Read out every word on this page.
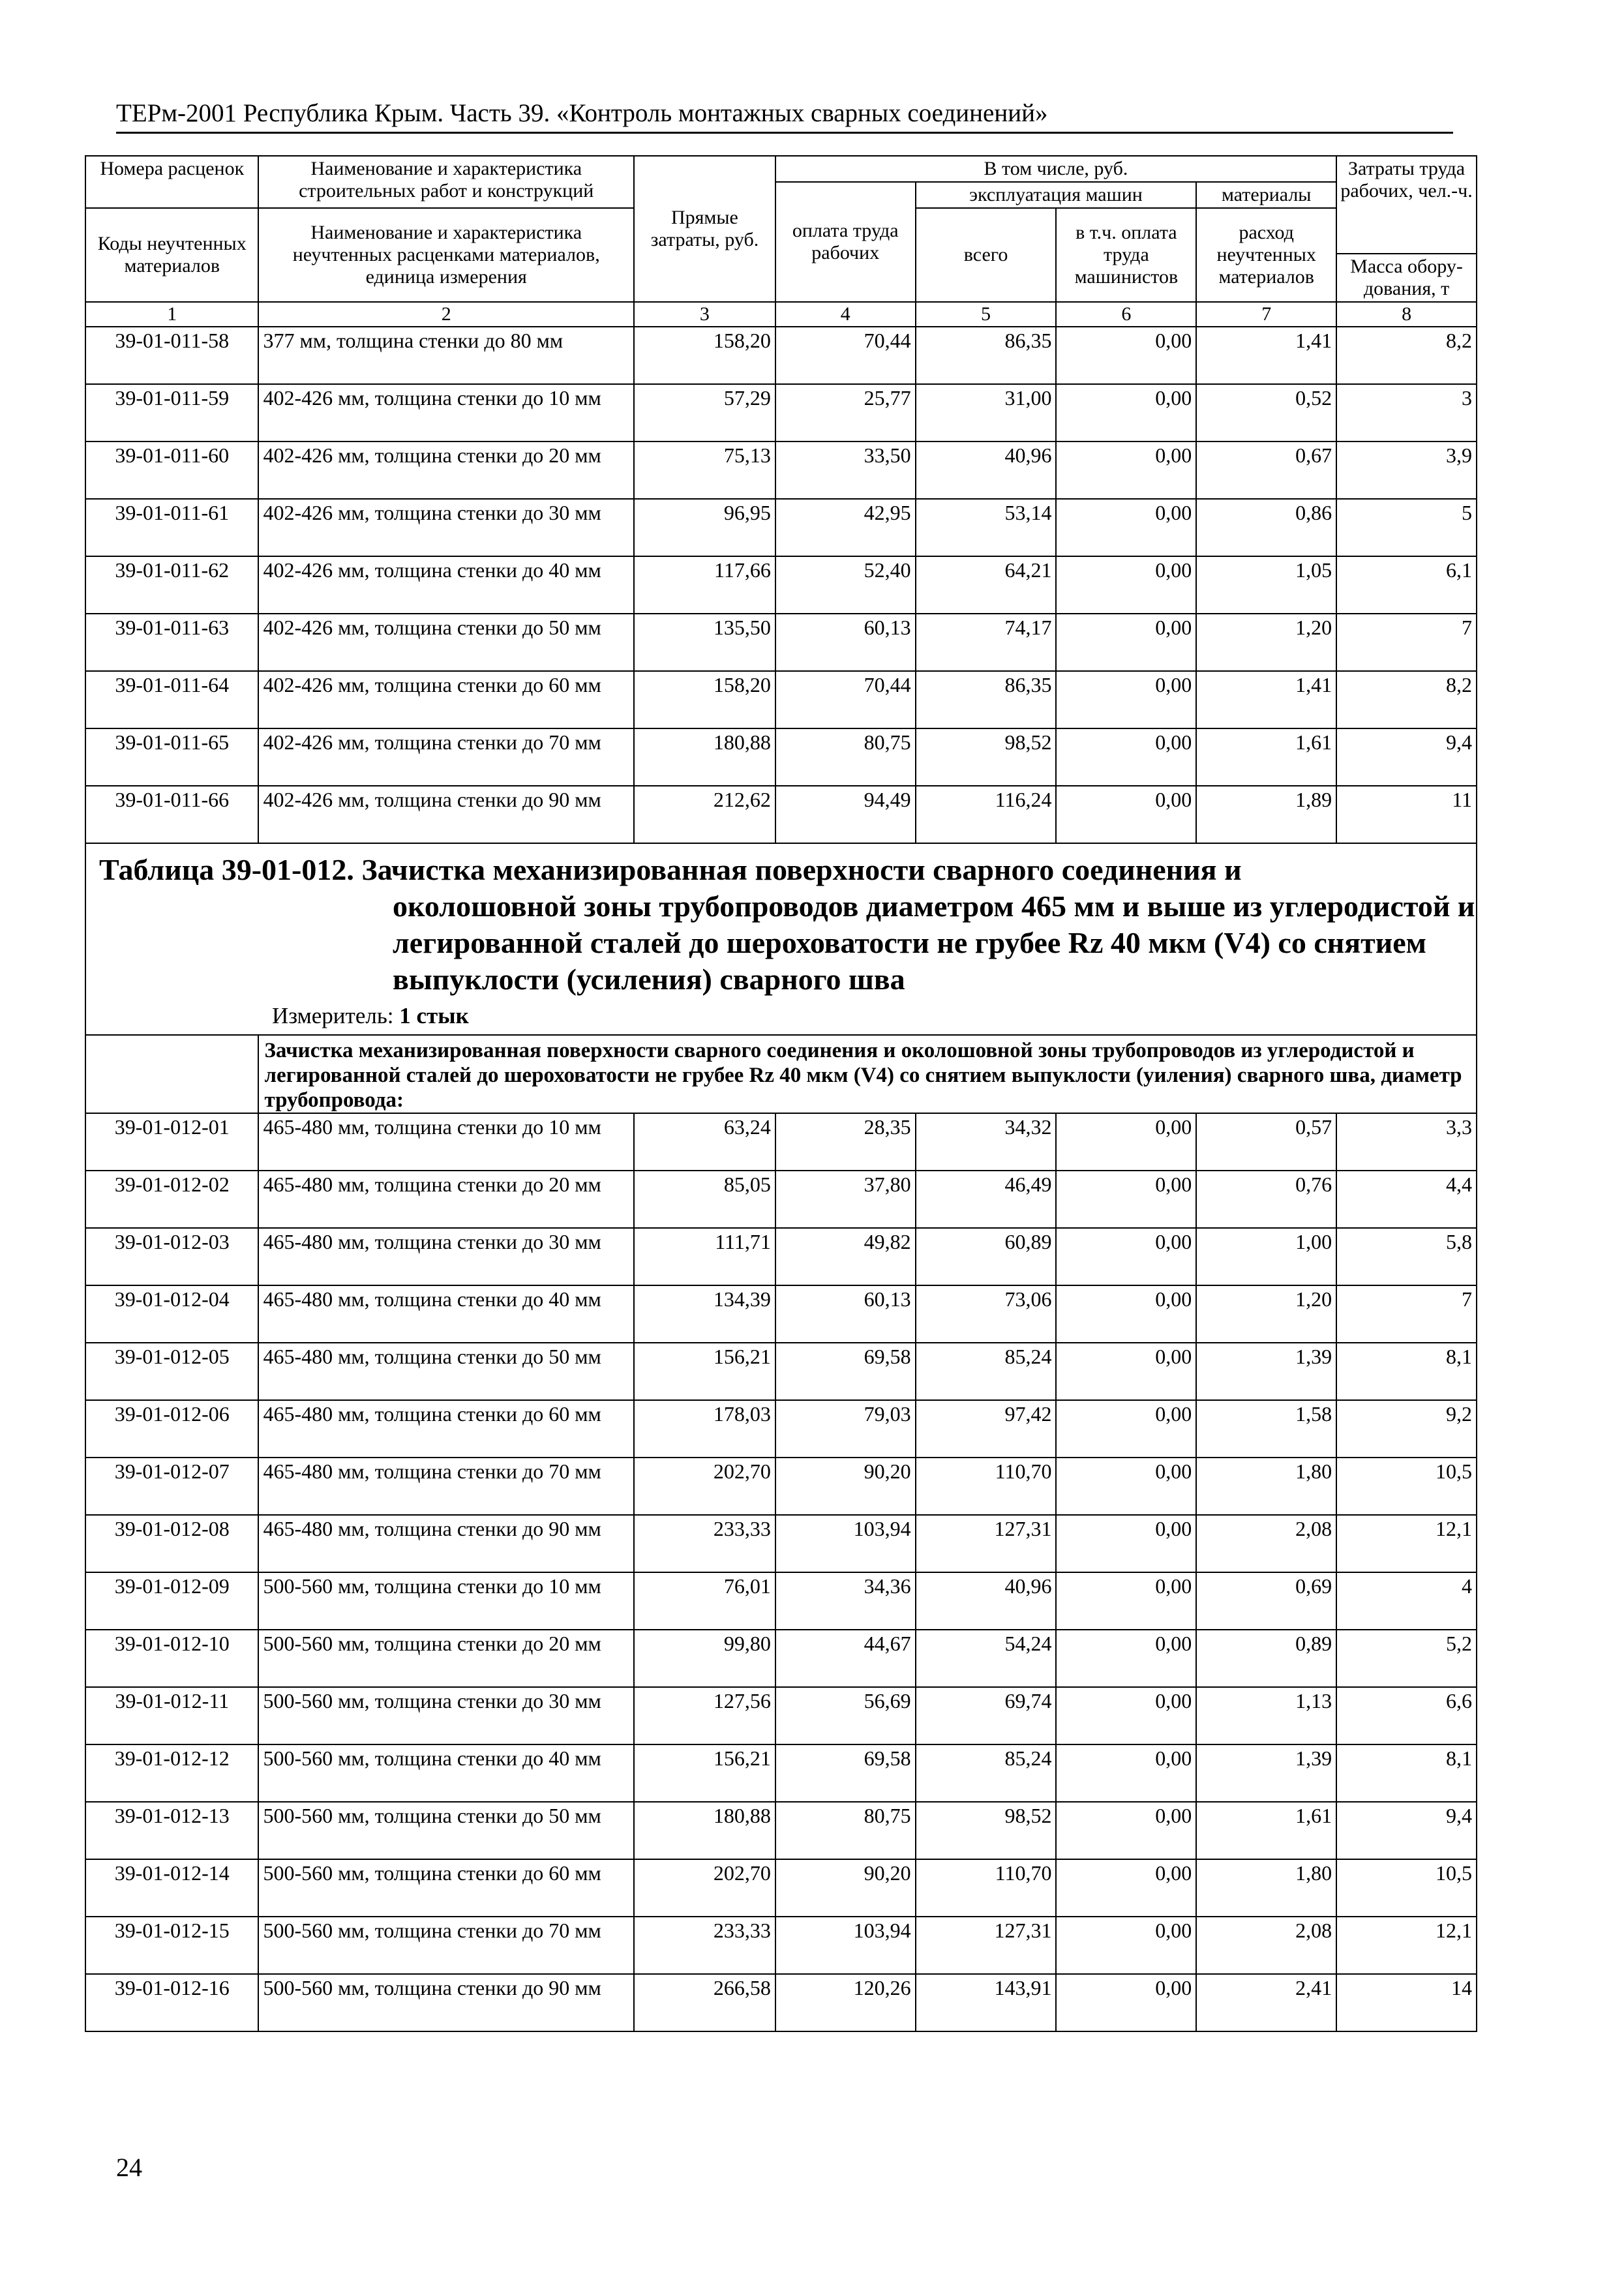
ТЕРм-2001 Республика Крым. Часть 39. «Контроль монтажных сварных соединений»
Номера расценок	Наименование и характеристика строительных работ и конструкций	Прямые затраты, руб.	В том числе, руб.				Затраты труда рабочих, чел.-ч.
			оплата труда рабочих	эксплуатация машин		материалы	
Коды неучтенных материалов	Наименование и характеристика неучтенных расценками материалов, единица измерения			всего	в т.ч. оплата труда машинистов	расход неучтенных материалов	
							Масса обору-дования, т
1	2	3	4	5	6	7	8
39-01-011-58	377 мм, толщина стенки до 80 мм	158,20	70,44	86,35	0,00	1,41	8,2
39-01-011-59	402-426 мм, толщина стенки до 10 мм	57,29	25,77	31,00	0,00	0,52	3
39-01-011-60	402-426 мм, толщина стенки до 20 мм	75,13	33,50	40,96	0,00	0,67	3,9
39-01-011-61	402-426 мм, толщина стенки до 30 мм	96,95	42,95	53,14	0,00	0,86	5
39-01-011-62	402-426 мм, толщина стенки до 40 мм	117,66	52,40	64,21	0,00	1,05	6,1
39-01-011-63	402-426 мм, толщина стенки до 50 мм	135,50	60,13	74,17	0,00	1,20	7
39-01-011-64	402-426 мм, толщина стенки до 60 мм	158,20	70,44	86,35	0,00	1,41	8,2
39-01-011-65	402-426 мм, толщина стенки до 70 мм	180,88	80,75	98,52	0,00	1,61	9,4
39-01-011-66	402-426 мм, толщина стенки до 90 мм	212,62	94,49	116,24	0,00	1,89	11

Таблица 39-01-012. Зачистка механизированная поверхности сварного соединения и
околошовной зоны трубопроводов диаметром 465 мм и выше из углеродистой и легированной сталей до шероховатости не грубее Rz 40 мкм (V4) со снятием выпуклости (усиления) сварного шва
Измеритель: 1 стык							

	Зачистка механизированная поверхности сварного соединения и околошовной зоны трубопроводов из углеродистой и легированной сталей до шероховатости не грубее Rz 40 мкм (V4) со снятием выпуклости (уиления) сварного шва, диаметр трубопровода:						

39-01-012-01	465-480 мм, толщина стенки до 10 мм	63,24	28,35	34,32	0,00	0,57	3,3
39-01-012-02	465-480 мм, толщина стенки до 20 мм	85,05	37,80	46,49	0,00	0,76	4,4
39-01-012-03	465-480 мм, толщина стенки до 30 мм	111,71	49,82	60,89	0,00	1,00	5,8
39-01-012-04	465-480 мм, толщина стенки до 40 мм	134,39	60,13	73,06	0,00	1,20	7
39-01-012-05	465-480 мм, толщина стенки до 50 мм	156,21	69,58	85,24	0,00	1,39	8,1
39-01-012-06	465-480 мм, толщина стенки до 60 мм	178,03	79,03	97,42	0,00	1,58	9,2
39-01-012-07	465-480 мм, толщина стенки до 70 мм	202,70	90,20	110,70	0,00	1,80	10,5
39-01-012-08	465-480 мм, толщина стенки до 90 мм	233,33	103,94	127,31	0,00	2,08	12,1
39-01-012-09	500-560 мм, толщина стенки до 10 мм	76,01	34,36	40,96	0,00	0,69	4
39-01-012-10	500-560 мм, толщина стенки до 20 мм	99,80	44,67	54,24	0,00	0,89	5,2
39-01-012-11	500-560 мм, толщина стенки до 30 мм	127,56	56,69	69,74	0,00	1,13	6,6
39-01-012-12	500-560 мм, толщина стенки до 40 мм	156,21	69,58	85,24	0,00	1,39	8,1
39-01-012-13	500-560 мм, толщина стенки до 50 мм	180,88	80,75	98,52	0,00	1,61	9,4
39-01-012-14	500-560 мм, толщина стенки до 60 мм	202,70	90,20	110,70	0,00	1,80	10,5
39-01-012-15	500-560 мм, толщина стенки до 70 мм	233,33	103,94	127,31	0,00	2,08	12,1
39-01-012-16	500-560 мм, толщина стенки до 90 мм	266,58	120,26	143,91	0,00	2,41	14
24
